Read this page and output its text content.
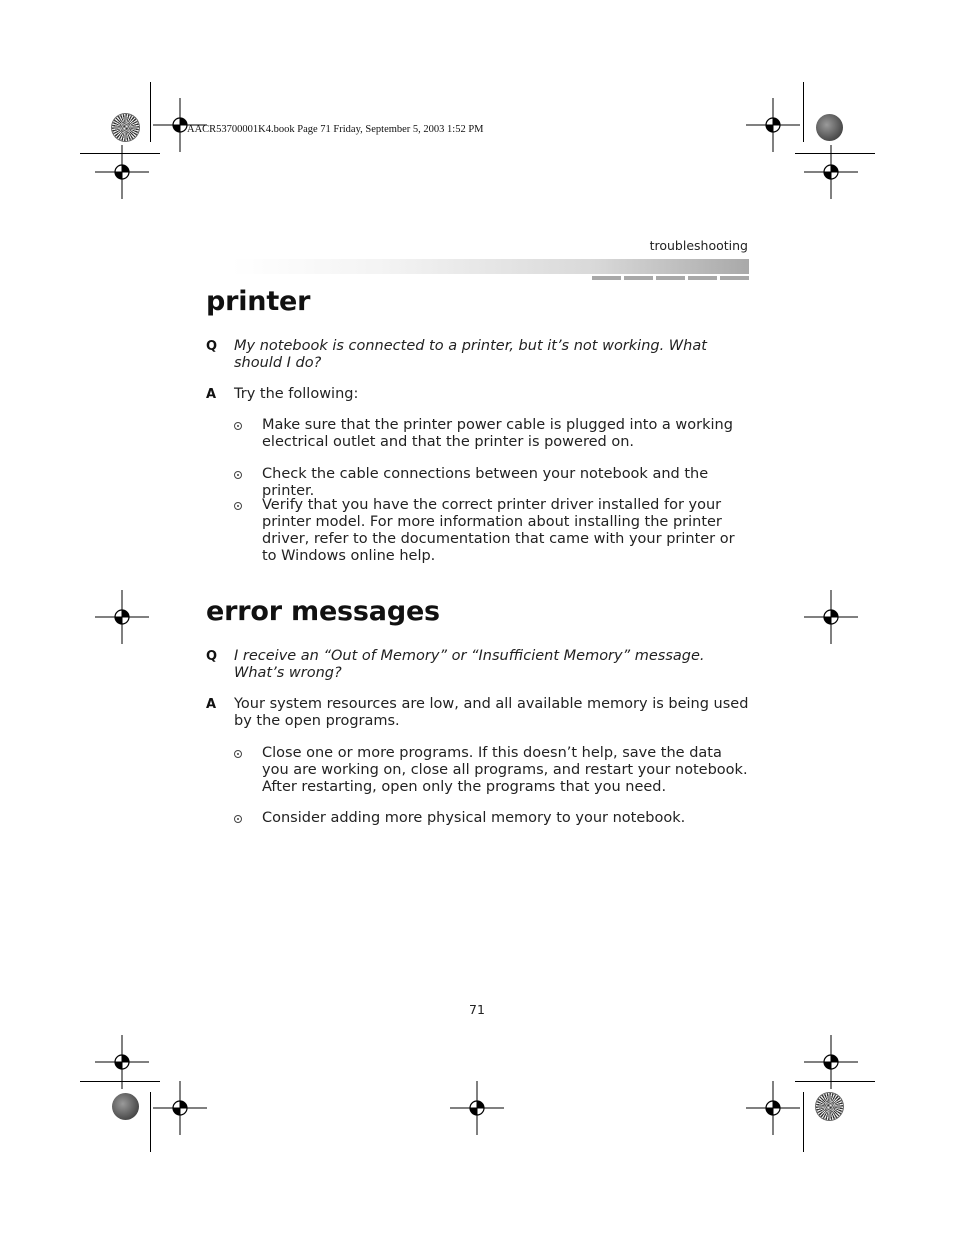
AACR53700001K4.book Page 71 Friday, September 5, 2003 1:52 PM
troubleshooting
printer
Q My notebook is connected to a printer, but it’s not working. What should I do?
A Try the following:
Make sure that the printer power cable is plugged into a working electrical outlet and that the printer is powered on.
Check the cable connections between your notebook and the printer.
Verify that you have the correct printer driver installed for your printer model. For more information about installing the printer driver, refer to the documentation that came with your printer or to Windows online help.
error messages
Q I receive an “Out of Memory” or “Insufficient Memory” message. What’s wrong?
A Your system resources are low, and all available memory is being used by the open programs.
Close one or more programs. If this doesn’t help, save the data you are working on, close all programs, and restart your notebook. After restarting, open only the programs that you need.
Consider adding more physical memory to your notebook.
71
